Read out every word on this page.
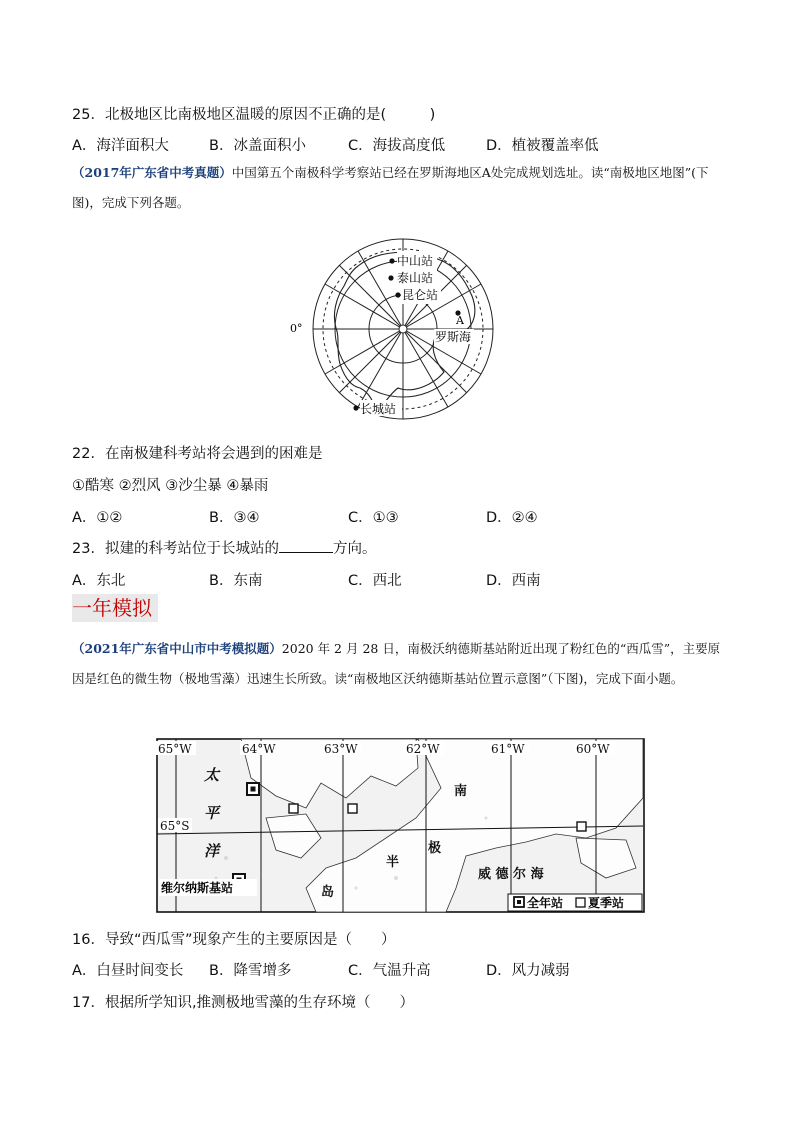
25．北极地区比南极地区温暖的原因不正确的是(　　　)
A．海洋面积大	B．冰盖面积小	C．海拔高度低	D．植被覆盖率低
（2017年广东省中考真题）中国第五个南极科学考察站已经在罗斯海地区A处完成规划选址。读“南极地区地图”(下图)，完成下列各题。
中山站
泰山站
昆仑站
A
罗斯海
长城站
0°
22．在南极建科考站将会遇到的困难是
①酷寒 ②烈风 ③沙尘暴 ④暴雨
A．①②	B．③④	C．①③	D．②④
23．拟建的科考站位于长城站的	方向。
A．东北	B．东南	C．西北	D．西南
一年模拟
（2021年广东省中山市中考模拟题）2020 年 2 月 28 日，南极沃纳德斯基站附近出现了粉红色的“西瓜雪”，主要原因是红色的微生物（极地雪藻）迅速生长所致。读“南极地区沃纳德斯基站位置示意图”（下图)，完成下面小题。
65°W	64°W	63°W	62°W	61°W	60°W
65°S
太
平
洋
南
极
半
岛
威 德 尔 海
维尔纳斯基站
全年站 夏季站
16．导致“西瓜雪”现象产生的主要原因是（　　）
A．白昼时间变长 B．降雪增多	C．气温升高	D．风力减弱
17．根据所学知识,推测极地雪藻的生存环境（　　）
